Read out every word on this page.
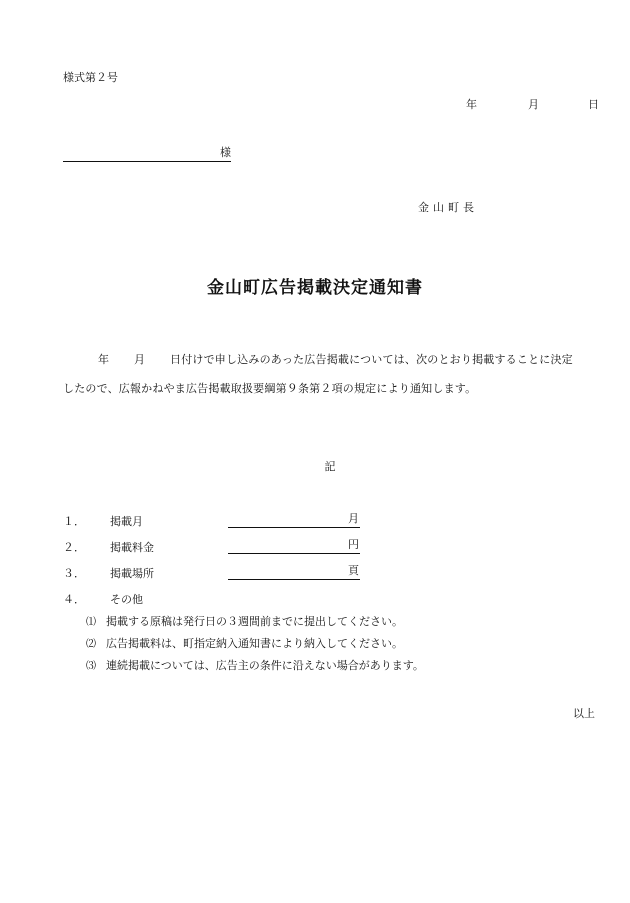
様式第２号
年	月	日
様
金山町長
金山町広告掲載決定通知書
年 月 日付けで申し込みのあった広告掲載については、次のとおり掲載することに決定
したので、広報かねやま広告掲載取扱要綱第９条第２項の規定により通知します。
記
１． 掲載月	月
２． 掲載料金	円
３． 掲載場所	頁
４． その他
⑴ 掲載する原稿は発行日の３週間前までに提出してください。
⑵ 広告掲載料は、町指定納入通知書により納入してください。
⑶ 連続掲載については、広告主の条件に沿えない場合があります。
以上
